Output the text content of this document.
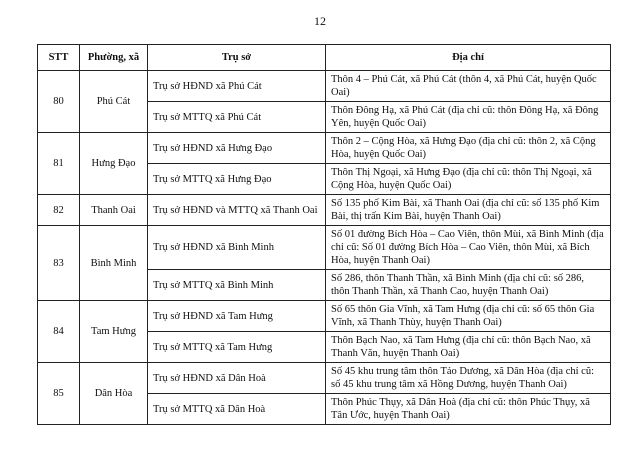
12
STT	Phường, xã	Trụ sở	Địa chỉ
80	Phú Cát	Trụ sở HĐND xã Phú Cát	Thôn 4 – Phú Cát, xã Phú Cát (thôn 4, xã Phú Cát, huyện Quốc Oai)
		Trụ sở MTTQ xã Phú Cát	Thôn Đông Hạ, xã Phú Cát (địa chỉ cũ: thôn Đông Hạ, xã Đông Yên, huyện Quốc Oai)
81	Hưng Đạo	Trụ sở HĐND xã Hưng Đạo	Thôn 2 – Cộng Hòa, xã Hưng Đạo (địa chỉ cũ: thôn 2, xã Cộng Hòa, huyện Quốc Oai)
		Trụ sở MTTQ xã Hưng Đạo	Thôn Thị Ngoại, xã Hưng Đạo (địa chỉ cũ: thôn Thị Ngoại, xã Cộng Hòa, huyện Quốc Oai)
82	Thanh Oai	Trụ sở HĐND và MTTQ xã Thanh Oai	Số 135 phố Kim Bài, xã Thanh Oai (địa chỉ cũ: số 135 phố Kim Bài, thị trấn Kim Bài, huyện Thanh Oai)
83	Bình Minh	Trụ sở HĐND xã Bình Minh	Số 01 đường Bích Hòa – Cao Viên, thôn Mùi, xã Bình Minh (địa chỉ cũ: Số 01 đường Bích Hòa – Cao Viên, thôn Mùi, xã Bích Hòa, huyện Thanh Oai)
		Trụ sở MTTQ xã Bình Minh	Số 286, thôn Thanh Thần, xã Bình Minh (địa chỉ cũ: số 286, thôn Thanh Thần, xã Thanh Cao, huyện Thanh Oai)
84	Tam Hưng	Trụ sở HĐND xã Tam Hưng	Số 65 thôn Gia Vĩnh, xã Tam Hưng (địa chỉ cũ: số 65 thôn Gia Vĩnh, xã Thanh Thùy, huyện Thanh Oai)
		Trụ sở MTTQ xã Tam Hưng	Thôn Bạch Nao, xã Tam Hưng (địa chỉ cũ: thôn Bạch Nao, xã Thanh Văn, huyện Thanh Oai)
85	Dân Hòa	Trụ sở HĐND xã Dân Hoà	Số 45 khu trung tâm thôn Tảo Dương, xã Dân Hòa (địa chỉ cũ: số 45 khu trung tâm xã Hồng Dương, huyện Thanh Oai)
		Trụ sở MTTQ xã Dân Hoà	Thôn Phúc Thụy, xã Dân Hoà (địa chỉ cũ: thôn Phúc Thụy, xã Tân Ước, huyện Thanh Oai)
